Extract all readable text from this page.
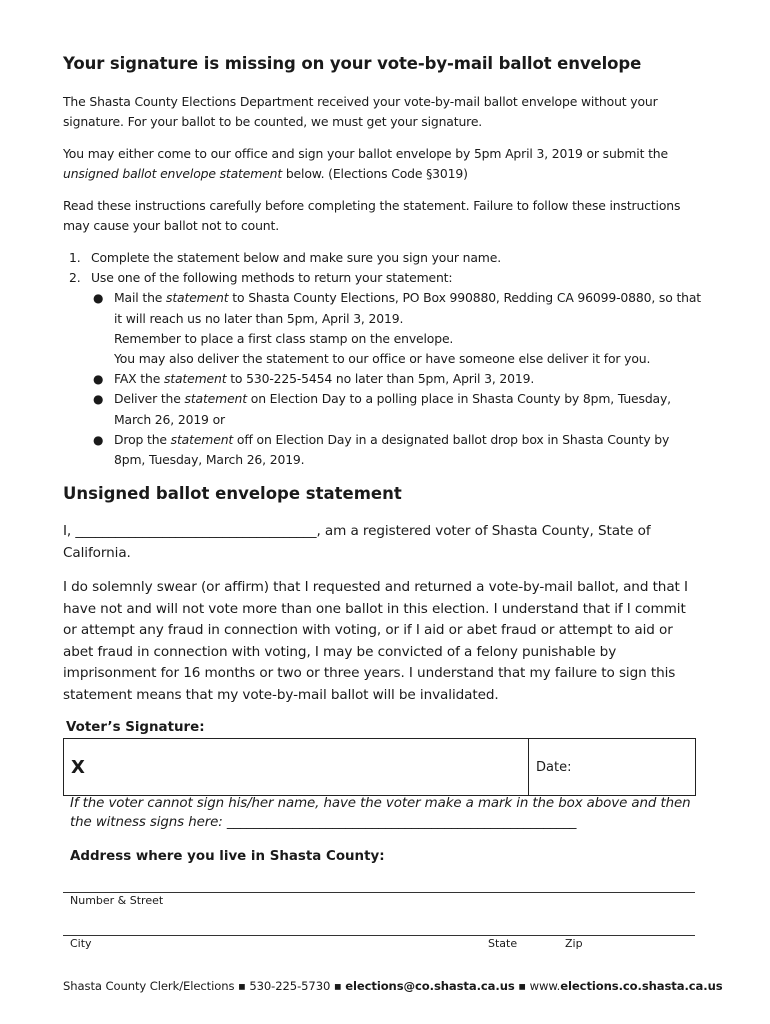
Your signature is missing on your vote-by-mail ballot envelope

The Shasta County Elections Department received your vote-by-mail ballot envelope without your signature. For your ballot to be counted, we must get your signature.

You may either come to our office and sign your ballot envelope by 5pm April 3, 2019 or submit the unsigned ballot envelope statement below. (Elections Code §3019)

Read these instructions carefully before completing the statement. Failure to follow these instructions may cause your ballot not to count.

1. Complete the statement below and make sure you sign your name.
2. Use one of the following methods to return your statement:
● Mail the statement to Shasta County Elections, PO Box 990880, Redding CA 96099-0880, so that it will reach us no later than 5pm, April 3, 2019.
Remember to place a first class stamp on the envelope.
You may also deliver the statement to our office or have someone else deliver it for you.
● FAX the statement to 530-225-5454 no later than 5pm, April 3, 2019.
● Deliver the statement on Election Day to a polling place in Shasta County by 8pm, Tuesday, March 26, 2019 or
● Drop the statement off on Election Day in a designated ballot drop box in Shasta County by 8pm, Tuesday, March 26, 2019.
Unsigned ballot envelope statement

I, ____________________________________, am a registered voter of Shasta County, State of California.

I do solemnly swear (or affirm) that I requested and returned a vote-by-mail ballot, and that I have not and will not vote more than one ballot in this election. I understand that if I commit or attempt any fraud in connection with voting, or if I aid or abet fraud or attempt to aid or abet fraud in connection with voting, I may be convicted of a felony punishable by imprisonment for 16 months or two or three years. I understand that my failure to sign this statement means that my vote-by-mail ballot will be invalidated.

Voter’s Signature:
X	Date:
If the voter cannot sign his/her name, have the voter make a mark in the box above and then the witness signs here: _____________________________________________________
Address where you live in Shasta County:
Number & Street
City	State	Zip
Shasta County Clerk/Elections ▪ 530-225-5730 ▪ elections@co.shasta.ca.us ▪ www.elections.co.shasta.ca.us
